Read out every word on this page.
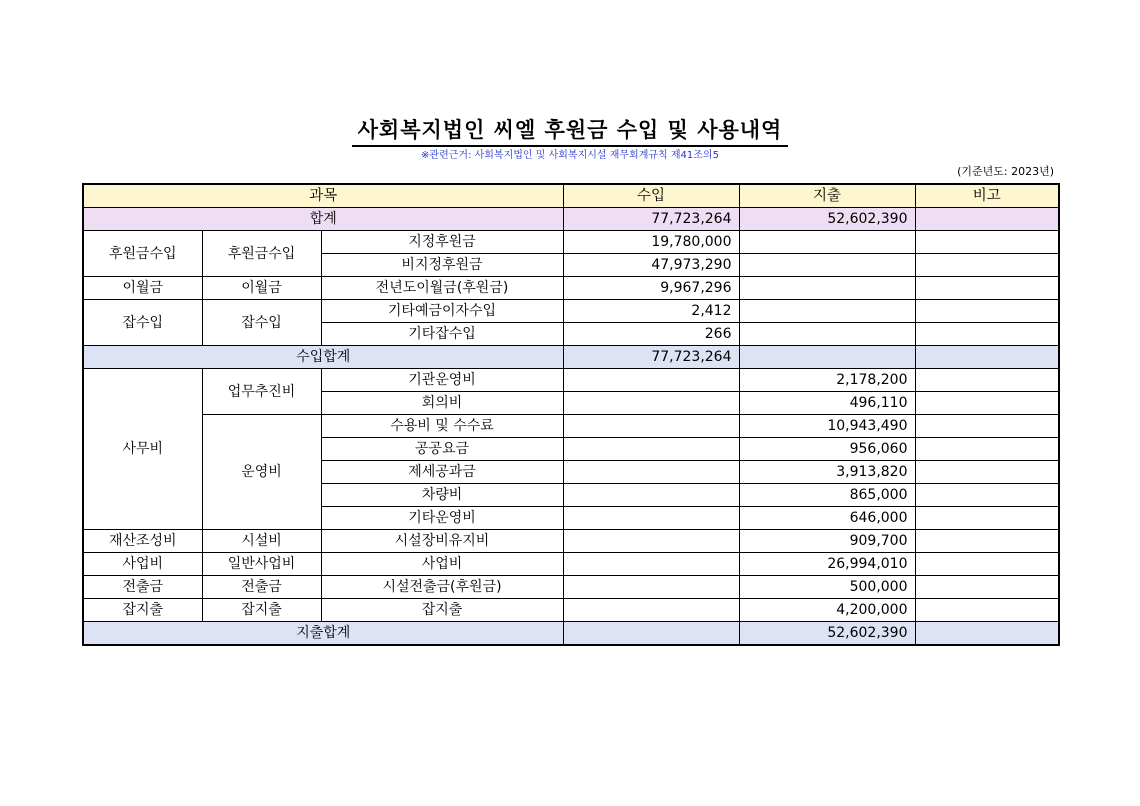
사회복지법인 씨엘 후원금 수입 및 사용내역
※관련근거: 사회복지법인 및 사회복지시설 재무회계규칙 제41조의5
(기준년도: 2023년)
과목			수입	지출	비고
합계			77,723,264	52,602,390	
후원금수입	후원금수입	지정후원금	19,780,000		
		비지정후원금	47,973,290		
이월금	이월금	전년도이월금(후원금)	9,967,296		
잡수입	잡수입	기타예금이자수입	2,412		
		기타잡수입	266		
수입합계			77,723,264		
사무비	업무추진비	기관운영비		2,178,200	
		회의비		496,110	
	운영비	수용비 및 수수료		10,943,490	
		공공요금		956,060	
		제세공과금		3,913,820	
		차량비		865,000	
		기타운영비		646,000	
재산조성비	시설비	시설장비유지비		909,700	
사업비	일반사업비	사업비		26,994,010	
전출금	전출금	시설전출금(후원금)		500,000	
잡지출	잡지출	잡지출		4,200,000	
지출합계				52,602,390	
